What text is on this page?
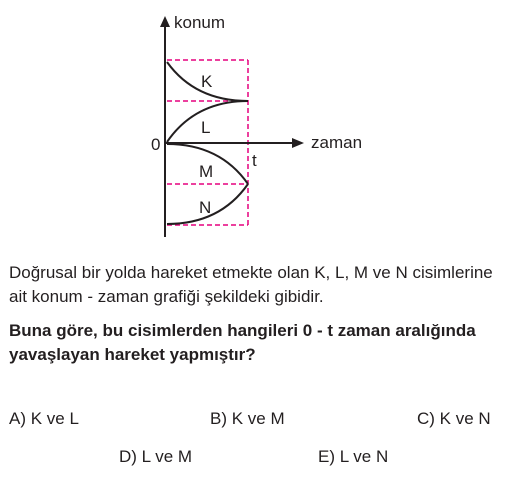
konum
zaman
0
t
K
L
M
N

Doğrusal bir yolda hareket etmekte olan K, L, M ve N cisimlerine ait konum - zaman grafiği şekildeki gibidir.

Buna göre, bu cisimlerden hangileri 0 - t zaman aralığında yavaşlayan hareket yapmıştır?

A) K ve L	B) K ve M	C) K ve N
D) L ve M	E) L ve N
